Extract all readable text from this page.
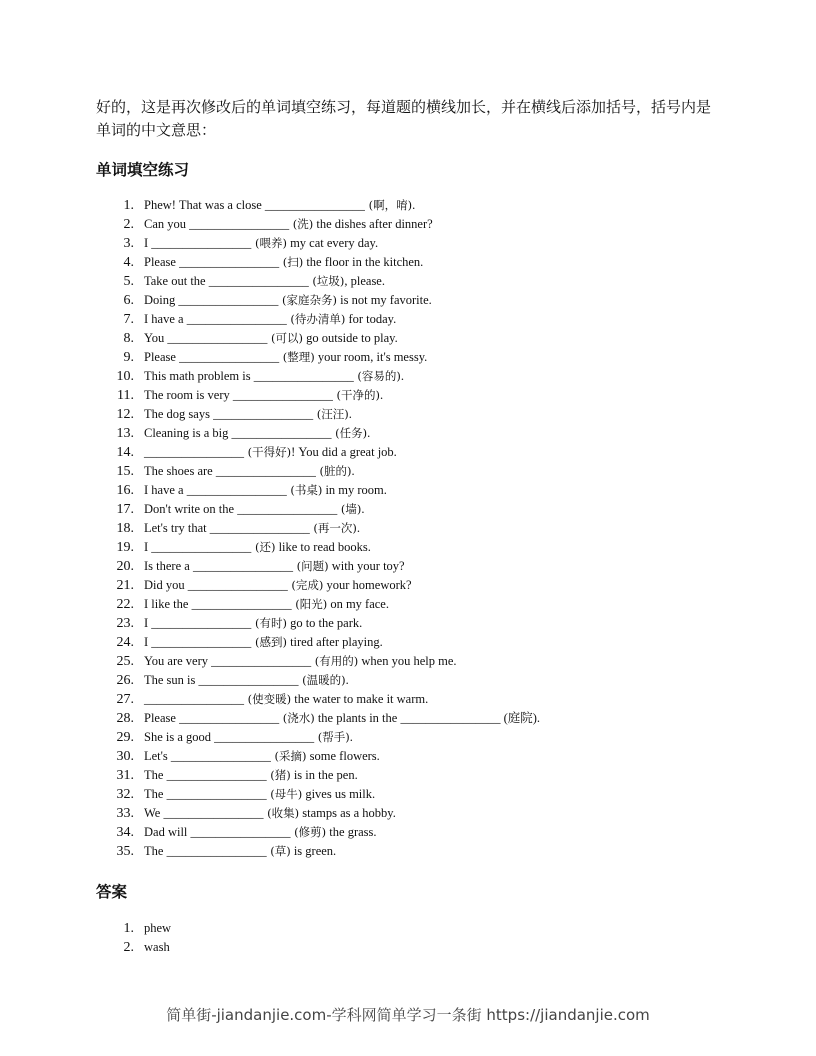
好的，这是再次修改后的单词填空练习，每道题的横线加长，并在横线后添加括号，括号内是单词的中文意思：
单词填空练习
1. Phew! That was a close ________________ (啊，唷).
2. Can you ________________ (洗) the dishes after dinner?
3. I ________________ (喂养) my cat every day.
4. Please ________________ (扫) the floor in the kitchen.
5. Take out the ________________ (垃圾), please.
6. Doing ________________ (家庭杂务) is not my favorite.
7. I have a ________________ (待办清单) for today.
8. You ________________ (可以) go outside to play.
9. Please ________________ (整理) your room, it's messy.
10. This math problem is ________________ (容易的).
11. The room is very ________________ (干净的).
12. The dog says ________________ (汪汪).
13. Cleaning is a big ________________ (任务).
14. ________________ (干得好)! You did a great job.
15. The shoes are ________________ (脏的).
16. I have a ________________ (书桌) in my room.
17. Don't write on the ________________ (墙).
18. Let's try that ________________ (再一次).
19. I ________________ (还) like to read books.
20. Is there a ________________ (问题) with your toy?
21. Did you ________________ (完成) your homework?
22. I like the ________________ (阳光) on my face.
23. I ________________ (有时) go to the park.
24. I ________________ (感到) tired after playing.
25. You are very ________________ (有用的) when you help me.
26. The sun is ________________ (温暖的).
27. ________________ (使变暖) the water to make it warm.
28. Please ________________ (浇水) the plants in the ________________ (庭院).
29. She is a good ________________ (帮手).
30. Let's ________________ (采摘) some flowers.
31. The ________________ (猪) is in the pen.
32. The ________________ (母牛) gives us milk.
33. We ________________ (收集) stamps as a hobby.
34. Dad will ________________ (修剪) the grass.
35. The ________________ (草) is green.
答案
1. phew
2. wash
简单街-jiandanjie.com-学科网简单学习一条街 https://jiandanjie.com
